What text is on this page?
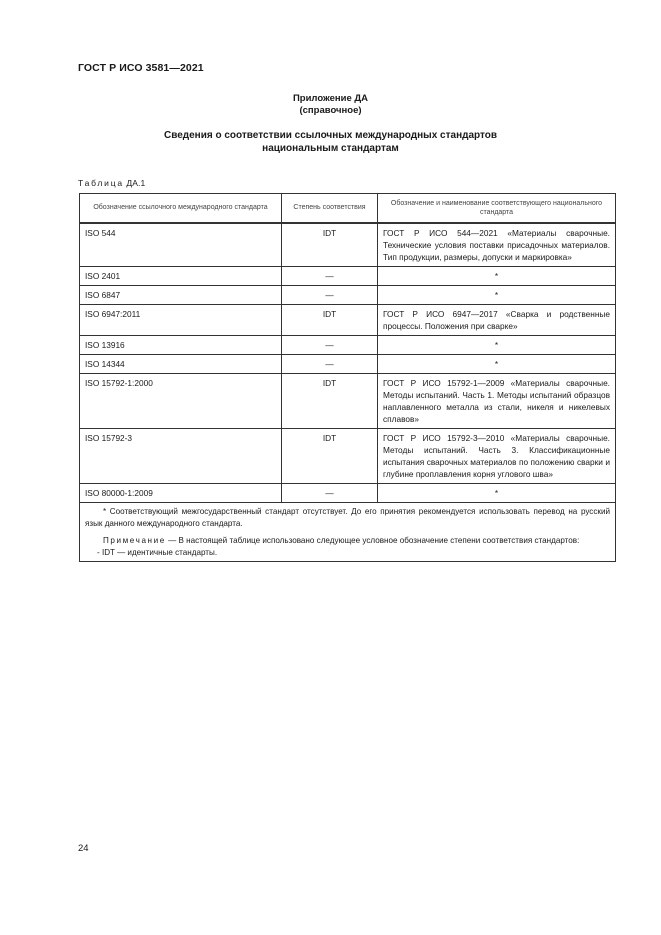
ГОСТ Р ИСО 3581—2021
Приложение ДА
(справочное)
Сведения о соответствии ссылочных международных стандартов
национальным стандартам
Таблица ДА.1
Обозначение ссылочного международного стандарта	Степень соответствия	Обозначение и наименование соответствующего национального стандарта
ISO 544	IDT	ГОСТ Р ИСО 544—2021 «Материалы сварочные. Технические условия поставки присадочных материалов. Тип продукции, размеры, допуски и маркировка»
ISO 2401	—	*
ISO 6847	—	*
ISO 6947:2011	IDT	ГОСТ Р ИСО 6947—2017 «Сварка и родственные процессы. Положения при сварке»
ISO 13916	—	*
ISO 14344	—	*
ISO 15792-1:2000	IDT	ГОСТ Р ИСО 15792-1—2009 «Материалы сварочные. Методы испытаний. Часть 1. Методы испытаний образцов наплавленного металла из стали, никеля и никелевых сплавов»
ISO 15792-3	IDT	ГОСТ Р ИСО 15792-3—2010 «Материалы сварочные. Методы испытаний. Часть 3. Классификационные испытания сварочных материалов по положению сварки и глубине проплавления корня углового шва»
ISO 80000-1:2009	—	*

* Соответствующий межгосударственный стандарт отсутствует. До его принятия рекомендуется использовать перевод на русский язык данного международного стандарта.
Примечание — В настоящей таблице использовано следующее условное обозначение степени соответствия стандартов:
- IDT — идентичные стандарты.		
24
